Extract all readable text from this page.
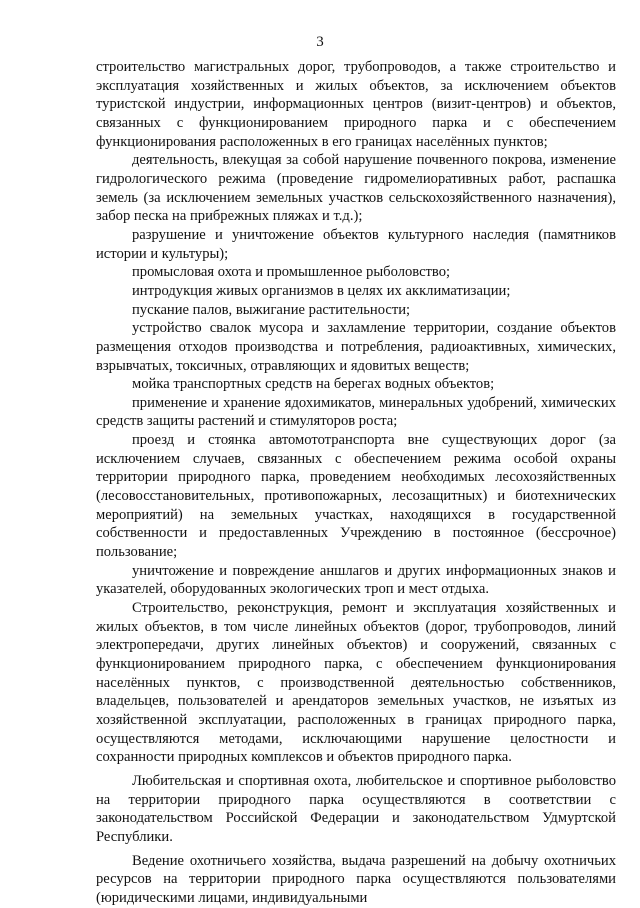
3

строительство магистральных дорог, трубопроводов, а также строительство и эксплуатация хозяйственных и жилых объектов, за исключением объектов туристской индустрии, информационных центров (визит-центров) и объектов, связанных с функционированием природного парка и с обеспечением функционирования расположенных в его границах населённых пунктов;

деятельность, влекущая за собой нарушение почвенного покрова, изменение гидрологического режима (проведение гидромелиоративных работ, распашка земель (за исключением земельных участков сельскохозяйственного назначения), забор песка на прибрежных пляжах и т.д.);

разрушение и уничтожение объектов культурного наследия (памятников истории и культуры);

промысловая охота и промышленное рыболовство;

интродукция живых организмов в целях их акклиматизации;

пускание палов, выжигание растительности;

устройство свалок мусора и захламление территории, создание объектов размещения отходов производства и потребления, радиоактивных, химических, взрывчатых, токсичных, отравляющих и ядовитых веществ;

мойка транспортных средств на берегах водных объектов;

применение и хранение ядохимикатов, минеральных удобрений, химических средств защиты растений и стимуляторов роста;

проезд и стоянка автомототранспорта вне существующих дорог (за исключением случаев, связанных с обеспечением режима особой охраны территории природного парка, проведением необходимых лесохозяйственных (лесовосстановительных, противопожарных, лесозащитных) и биотехнических мероприятий) на земельных участках, находящихся в государственной собственности и предоставленных Учреждению в постоянное (бессрочное) пользование;

уничтожение и повреждение аншлагов и других информационных знаков и указателей, оборудованных экологических троп и мест отдыха.

Строительство, реконструкция, ремонт и эксплуатация хозяйственных и жилых объектов, в том числе линейных объектов (дорог, трубопроводов, линий электропередачи, других линейных объектов) и сооружений, связанных с функционированием природного парка, с обеспечением функционирования населённых пунктов, с производственной деятельностью собственников, владельцев, пользователей и арендаторов земельных участков, не изъятых из хозяйственной эксплуатации, расположенных в границах природного парка, осуществляются методами, исключающими нарушение целостности и сохранности природных комплексов и объектов природного парка.

Любительская и спортивная охота, любительское и спортивное рыболовство на территории природного парка осуществляются в соответствии с законодательством Российской Федерации и законодательством Удмуртской Республики.

Ведение охотничьего хозяйства, выдача разрешений на добычу охотничьих ресурсов на территории природного парка осуществляются пользователями (юридическими лицами, индивидуальными
